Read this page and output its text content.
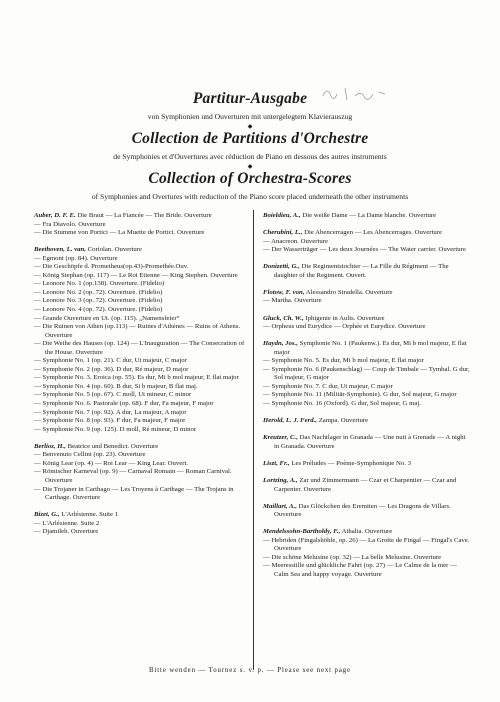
Partitur-Ausgabe
von Symphonien und Ouverturen mit untergelegtem Klavierauszug
◆
Collection de Partitions d'Orchestre
de Symphonies et d'Ouvertures avec réduction de Piano en dessous des autres instruments
◆
Collection of Orchestra-Scores
of Symphonies and Overtures with reduction of the Piano score placed underneath the other instruments
Auber, D. F. E. Die Braut — La Fiancée — The Bride. Ouverture
— Fra Diavolo. Ouverture
— Die Stumme von Portici — La Muette de Portici. Ouverture
Beethoven, L. van, Coriolan. Ouverture
— Egmont (op. 84). Ouverture
— Die Geschöpfe d. Prometheus(op.43)-Promethée.Ouv.
— König Stephan (op. 117) — Le Roi Etienne — King Stephen. Ouverture
— Leonore No. 1 (op.138). Ouverture. (Fidelio)
— Leonore No. 2 (op. 72). Ouverture. (Fidelio)
— Leonore No. 3 (op. 72). Ouverture. (Fidelio)
— Leonore No. 4 (op. 72). Ouverture. (Fidelio)
— Grande Ouverture en Ut. (op. 115). „Namensfeier“
— Die Ruinen von Athen (op.113) — Ruines d'Athènes — Ruins of Athens. Ouverture
— Die Weihe des Hauses (op. 124) — L'Inauguration — The Consecration of the House. Ouverture
— Symphonie No. 1 (op. 21). C dur, Ut majeur, C major
— Symphonie No. 2 (op. 36). D dur, Ré majeur, D major
— Symphonie No. 3. Eroica (op. 55). Es dur, Mi b mol majeur, E flat major
— Symphonie No. 4 (op. 60). B dur, Si b majeur, B flat maj.
— Symphonie No. 5 (op. 67). C moll, Ut mineur, C minor
— Symphonie No. 6. Pastorale (op. 68). F dur, Fa majeur, F major
— Symphonie No. 7 (op. 92). A dur, La majeur, A major
— Symphonie No. 8 (op. 93). F dur, Fa majeur, F major
— Symphonie No. 9 (op. 125). D moll, Ré mineur, D minor
Berlioz, H., Beatrice und Benedict. Ouverture
— Benvenuto Cellini (op. 23). Ouverture
— König Lear (op. 4) — Roi Lear — King Lear. Ouvert.
— Römischer Karneval (op. 9) — Carnaval Romain — Roman Carnival. Ouverture
— Die Trojaner in Carthago — Les Troyens à Carthage — The Trojans in Carthage. Ouverture
Bizet, G., L'Arlésienne. Suite 1
— L'Arlésienne. Suite 2
— Djamileh. Ouverture
Boieldieu, A., Die weiße Dame — La Dame blanche. Ouverture
Cherubini, L., Die Abencerragen — Les Abencerrages. Ouverture
— Anacreon. Ouverture
— Der Wasserträger — Les deux Journées — The Water carrier. Ouverture
Donizetti, G., Die Regimentstochter — La Fille du Régiment — The daughter of the Regiment. Ouvert.
Flotow, F. von, Alessandro Stradella. Ouverture
— Martha. Ouverture
Gluck, Ch. W., Iphigenie in Aulis. Ouverture
— Orpheus und Eurydice — Orphée et Eurydice. Ouverture
Haydn, Jos., Symphonie No. 1 (Paukenw.). Es dur, Mi b mol majeur, E flat major
— Symphonie No. 5. Es dur, Mi b mol majeur, E flat major
— Symphonie No. 6 (Paukenschlag) — Coup de Timbale — Tymbal. G dur, Sol majeur, G major
— Symphonie No. 7. C dur, Ut majeur, C major
— Symphonie No. 11 (Militär-Symphonie). G dur, Sol majeur, G major
— Symphonie No. 16 (Oxford). G dur, Sol majeur, G maj.
Herold, L. J. Ferd., Zampa. Ouverture
Kreutzer, C., Das Nachtlager in Granada — Une nuit à Grenade — A night in Granada. Ouverture
Liszt, Fr., Les Préludes — Poème-Symphonique No. 3
Lortzing, A., Zar und Zimmermann — Czar et Charpentier — Czar and Carpenter. Ouverture
Maillart, A., Das Glöckchen des Eremiten — Les Dragons de Villars. Ouverture
Mendelssohn-Bartholdy, F., Athalia. Ouverture
— Hebriden (Fingalshöhle, op. 26) — La Grotte de Fingal — Fingal's Cave. Ouverture
— Die schöne Melusine (op. 32) — La belle Melusine. Ouverture
— Meeresstille und glückliche Fahrt (op. 27) — Le Calme de la mer — Calm Sea and happy voyage. Ouverture
Bitte wenden — Tournez s. v. p. — Please see next page
